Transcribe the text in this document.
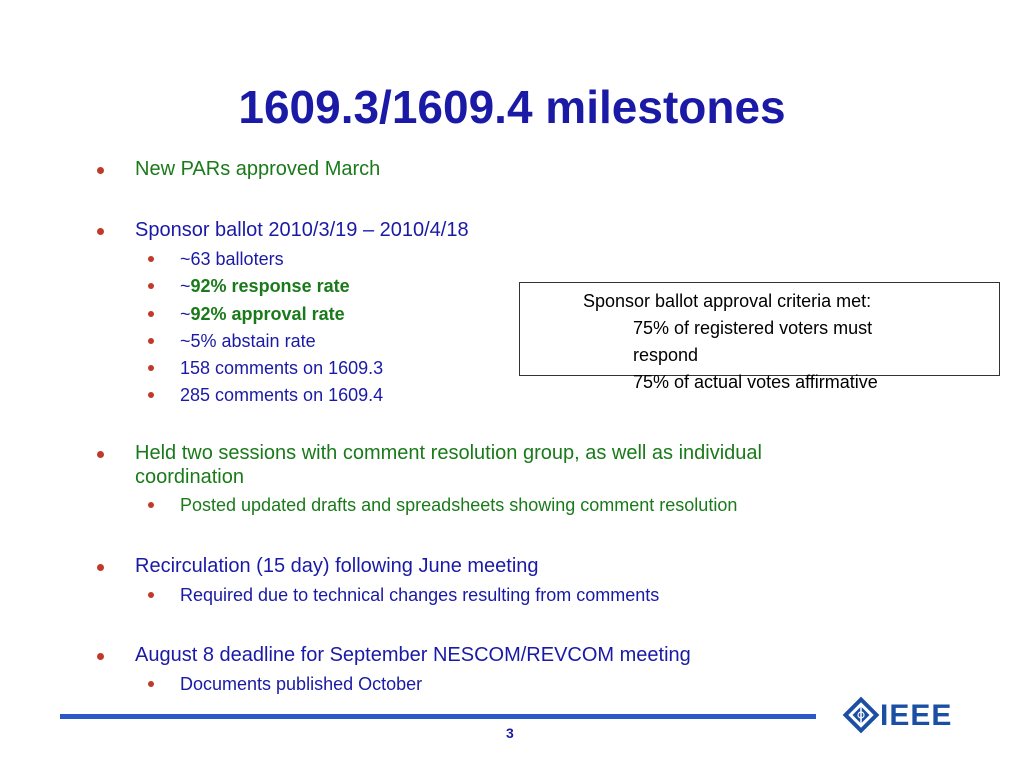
1609.3/1609.4 milestones
New PARs approved March
Sponsor ballot 2010/3/19 – 2010/4/18
~63 balloters
~92% response rate
~92% approval rate
~5% abstain rate
158 comments on 1609.3
285 comments on 1609.4
Sponsor ballot approval criteria met:
75% of registered voters must
respond
75% of actual votes affirmative
Held two sessions with comment resolution group, as well as individual
coordination
Posted updated drafts and spreadsheets showing comment resolution
Recirculation (15 day) following June meeting
Required due to technical changes resulting from comments
August 8 deadline for September NESCOM/REVCOM meeting
Documents published October
3
IEEE
